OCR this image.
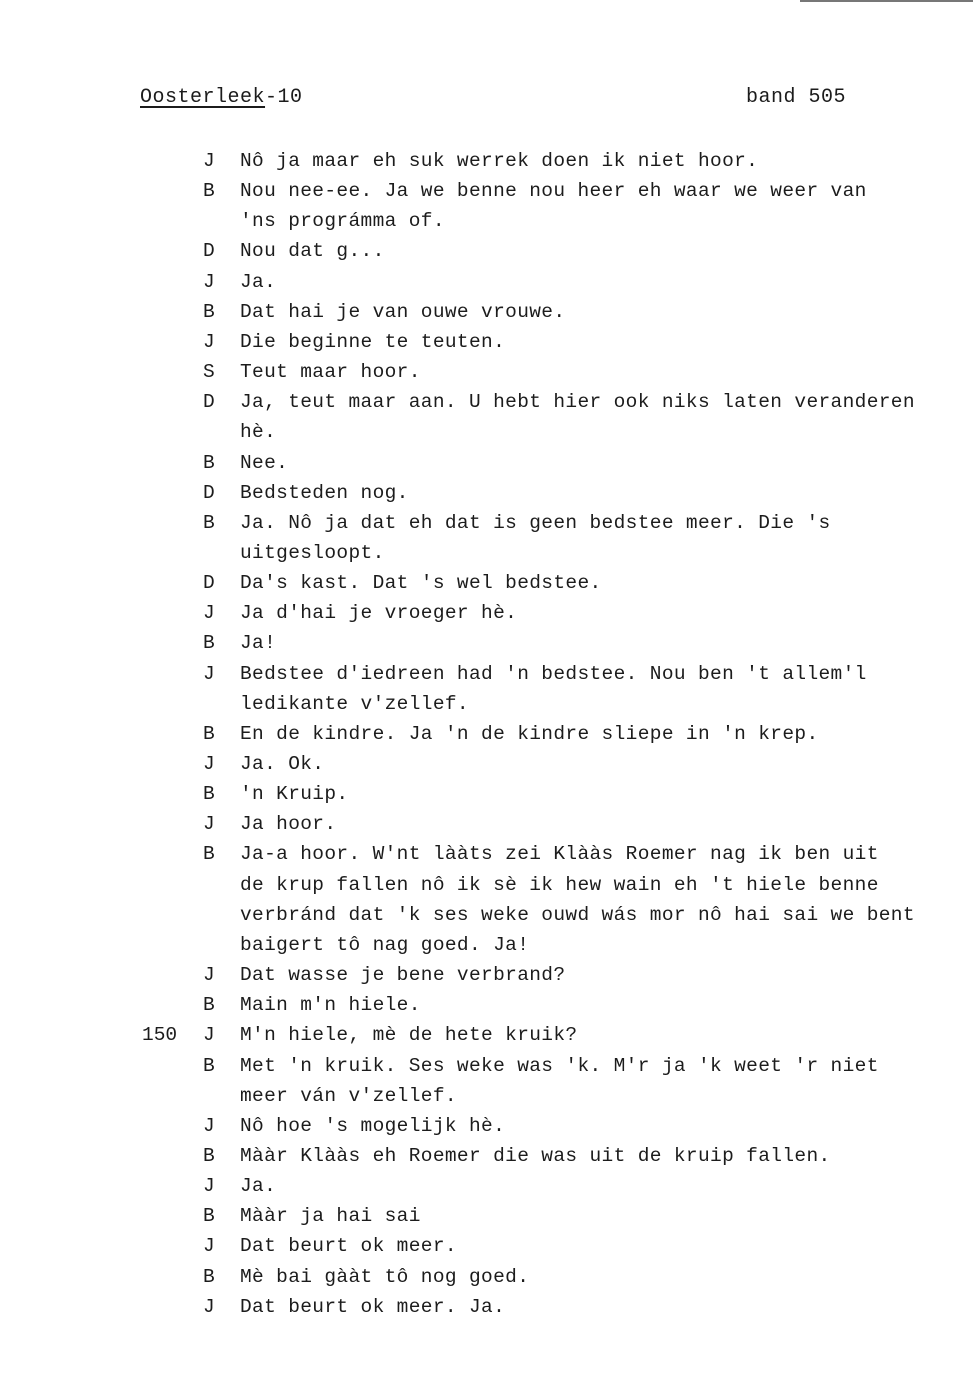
Oosterleek-10	band 505
J	Nô ja maar eh suk werrek doen ik niet hoor.
B	Nou nee-ee. Ja we benne nou heer eh waar we weer van
'ns prográmma of.
D	Nou dat g...
J	Ja.
B	Dat hai je van ouwe vrouwe.
J	Die beginne te teuten.
S	Teut maar hoor.
D	Ja, teut maar aan. U hebt hier ook niks laten veranderen
hè.
B	Nee.
D	Bedsteden nog.
B	Ja. Nô ja dat eh dat is geen bedstee meer. Die 's
uitgesloopt.
D	Da's kast. Dat 's wel bedstee.
J	Ja d'hai je vroeger hè.
B	Ja!
J	Bedstee d'iedreen had 'n bedstee. Nou ben 't allem'l
ledikante v'zellef.
B	En de kindre. Ja 'n de kindre sliepe in 'n krep.
J	Ja. Ok.
B	'n Kruip.
J	Ja hoor.
B	Ja-a hoor. W'nt lààts zei Klààs Roemer nag ik ben uit
de krup fallen nô ik sè ik hew wain eh 't hiele benne
verbránd dat 'k ses weke ouwd wás mor nô hai sai we bent
baigert tô nag goed. Ja!
J	Dat wasse je bene verbrand?
B	Main m'n hiele.
150 J	M'n hiele, mè de hete kruik?
B	Met 'n kruik. Ses weke was 'k. M'r ja 'k weet 'r niet
meer ván v'zellef.
J	Nô hoe 's mogelijk hè.
B	Mààr Klààs eh Roemer die was uit de kruip fallen.
J	Ja.
B	Mààr ja hai sai
J	Dat beurt ok meer.
B	Mè bai gààt tô nog goed.
J	Dat beurt ok meer. Ja.
